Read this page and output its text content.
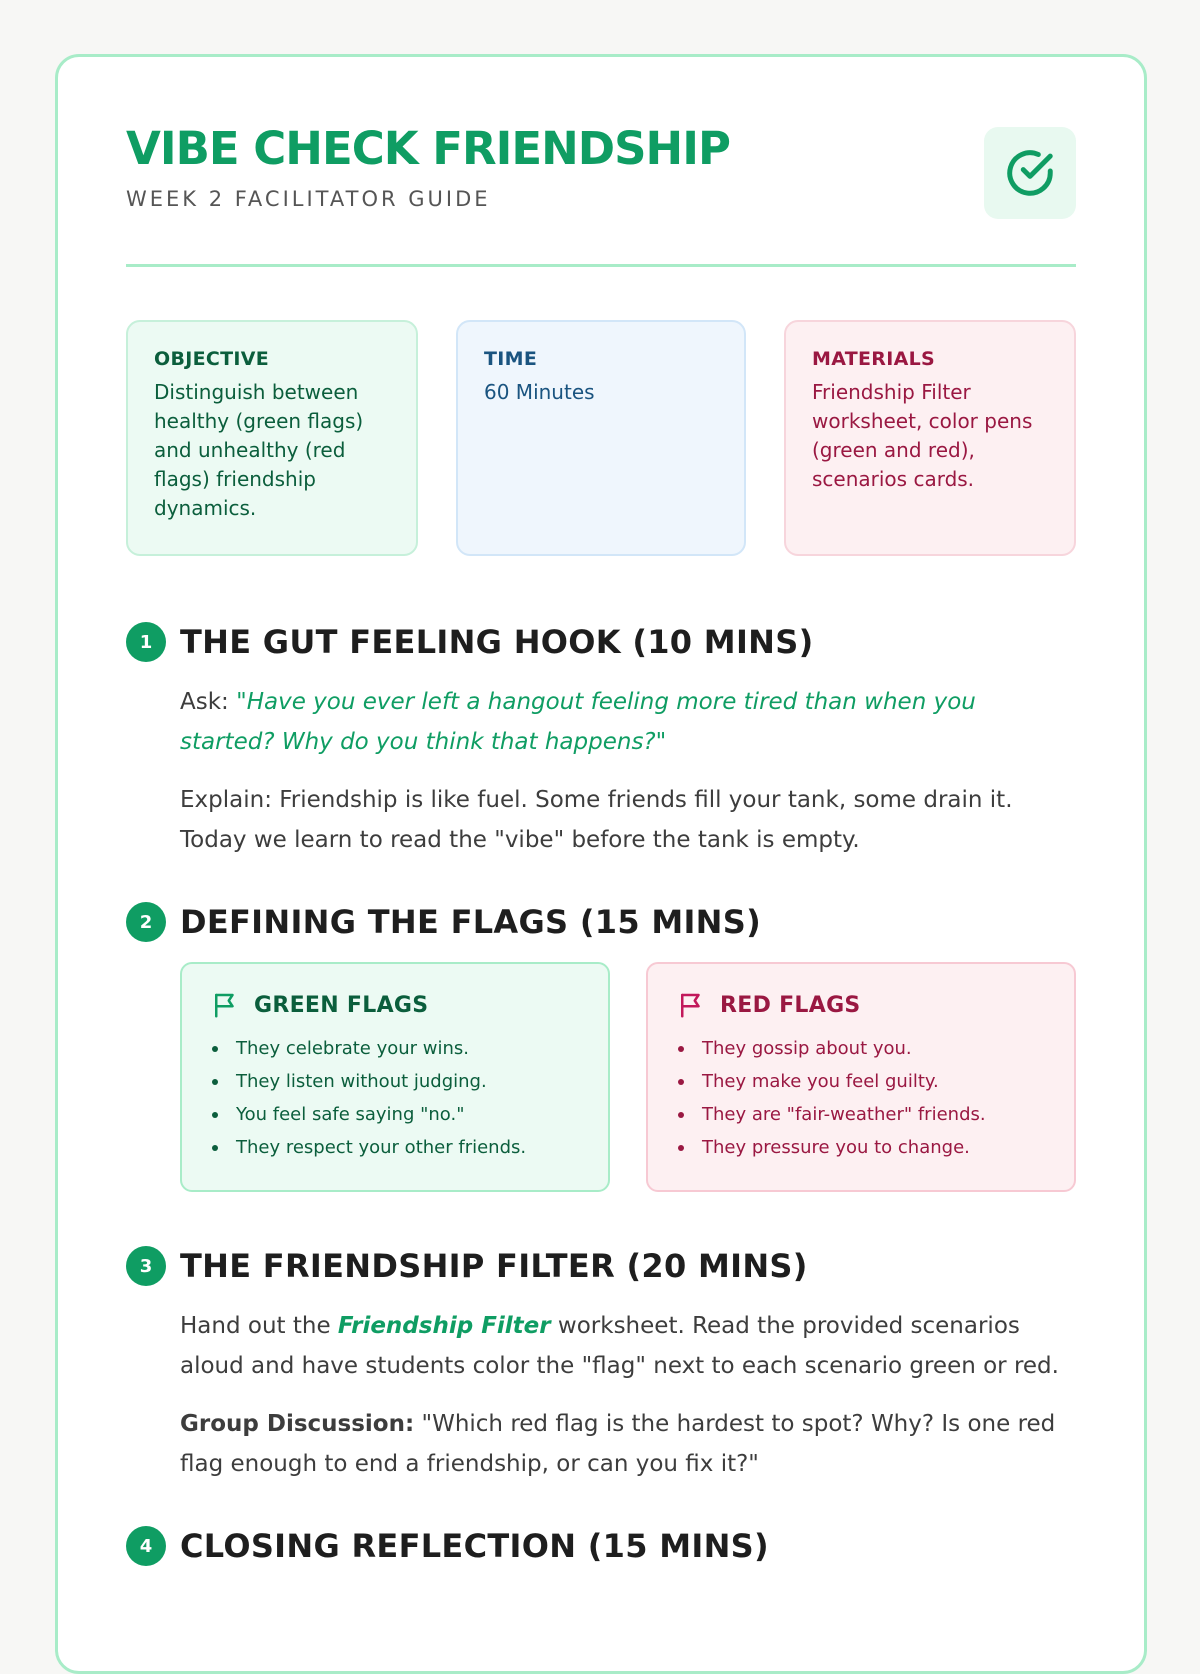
VIBE CHECK FRIENDSHIP
WEEK 2 FACILITATOR GUIDE
OBJECTIVE
Distinguish between healthy (green flags) and unhealthy (red flags) friendship dynamics.
TIME
60 Minutes
MATERIALS
Friendship Filter worksheet, color pens (green and red), scenarios cards.
1 THE GUT FEELING HOOK (10 MINS)

Ask: "Have you ever left a hangout feeling more tired than when you started? Why do you think that happens?"

Explain: Friendship is like fuel. Some friends fill your tank, some drain it. Today we learn to read the "vibe" before the tank is empty.

2 DEFINING THE FLAGS (15 MINS)
GREEN FLAGS
They celebrate your wins.
They listen without judging.
You feel safe saying "no."
They respect your other friends.
RED FLAGS
They gossip about you.
They make you feel guilty.
They are "fair-weather" friends.
They pressure you to change.
3 THE FRIENDSHIP FILTER (20 MINS)

Hand out the Friendship Filter worksheet. Read the provided scenarios aloud and have students color the "flag" next to each scenario green or red.

Group Discussion: "Which red flag is the hardest to spot? Why? Is one red flag enough to end a friendship, or can you fix it?"

4 CLOSING REFLECTION (15 MINS)
